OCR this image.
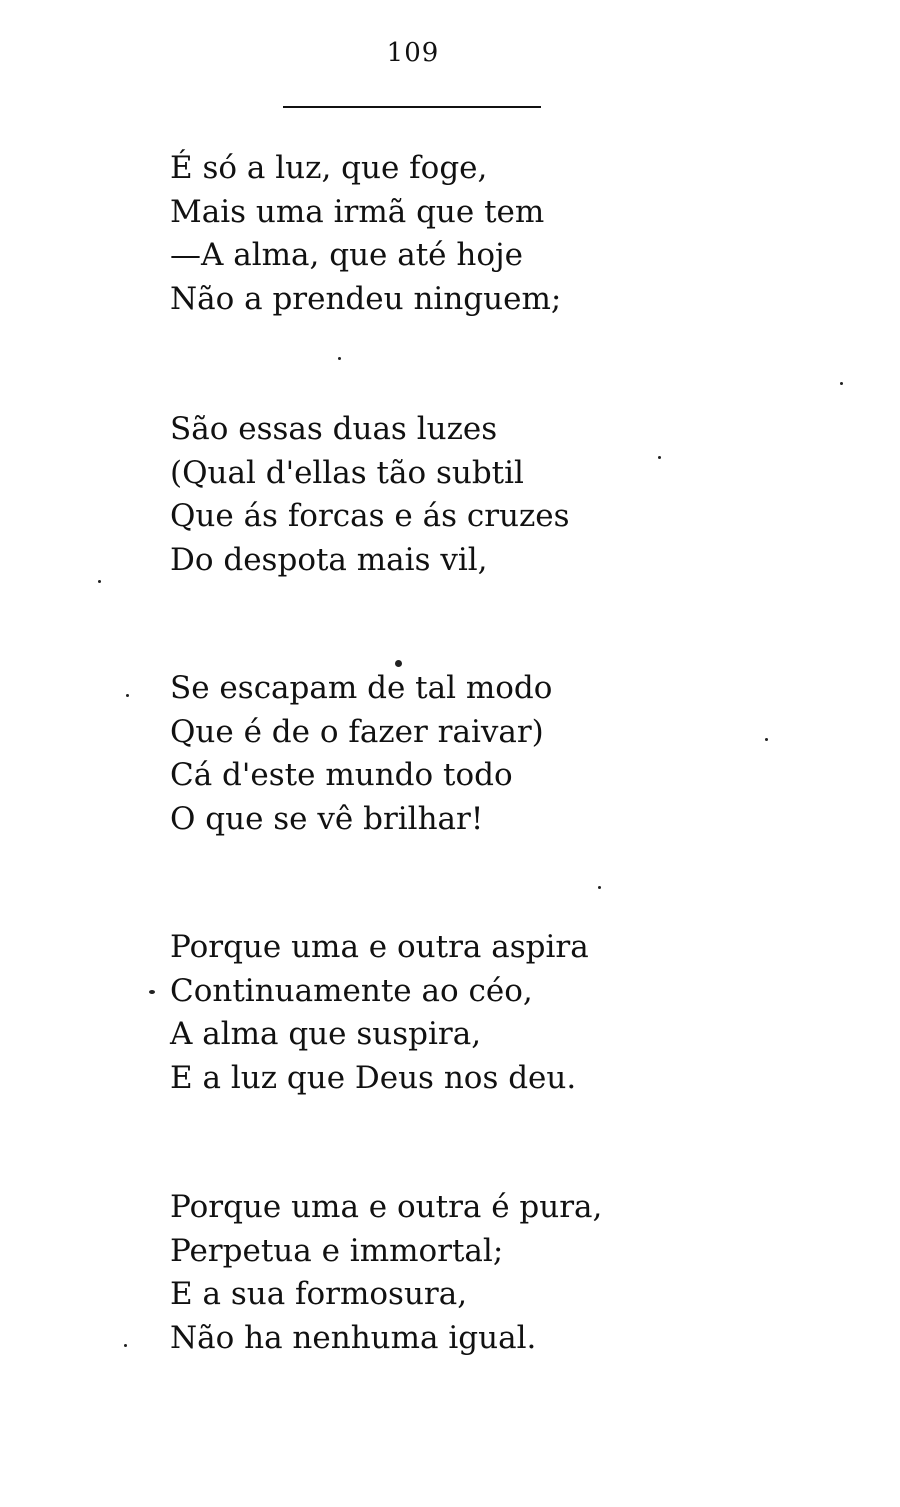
109
É só a luz, que foge,
Mais uma irmã que tem
—A alma, que até hoje
Não a prendeu ninguem;
São essas duas luzes
(Qual d'ellas tão subtil
Que ás forcas e ás cruzes
Do despota mais vil,
Se escapam de tal modo
Que é de o fazer raivar)
Cá d'este mundo todo
O que se vê brilhar!
Porque uma e outra aspira
Continuamente ao céo,
A alma que suspira,
E a luz que Deus nos deu.
Porque uma e outra é pura,
Perpetua e immortal;
E a sua formosura,
Não ha nenhuma igual.
